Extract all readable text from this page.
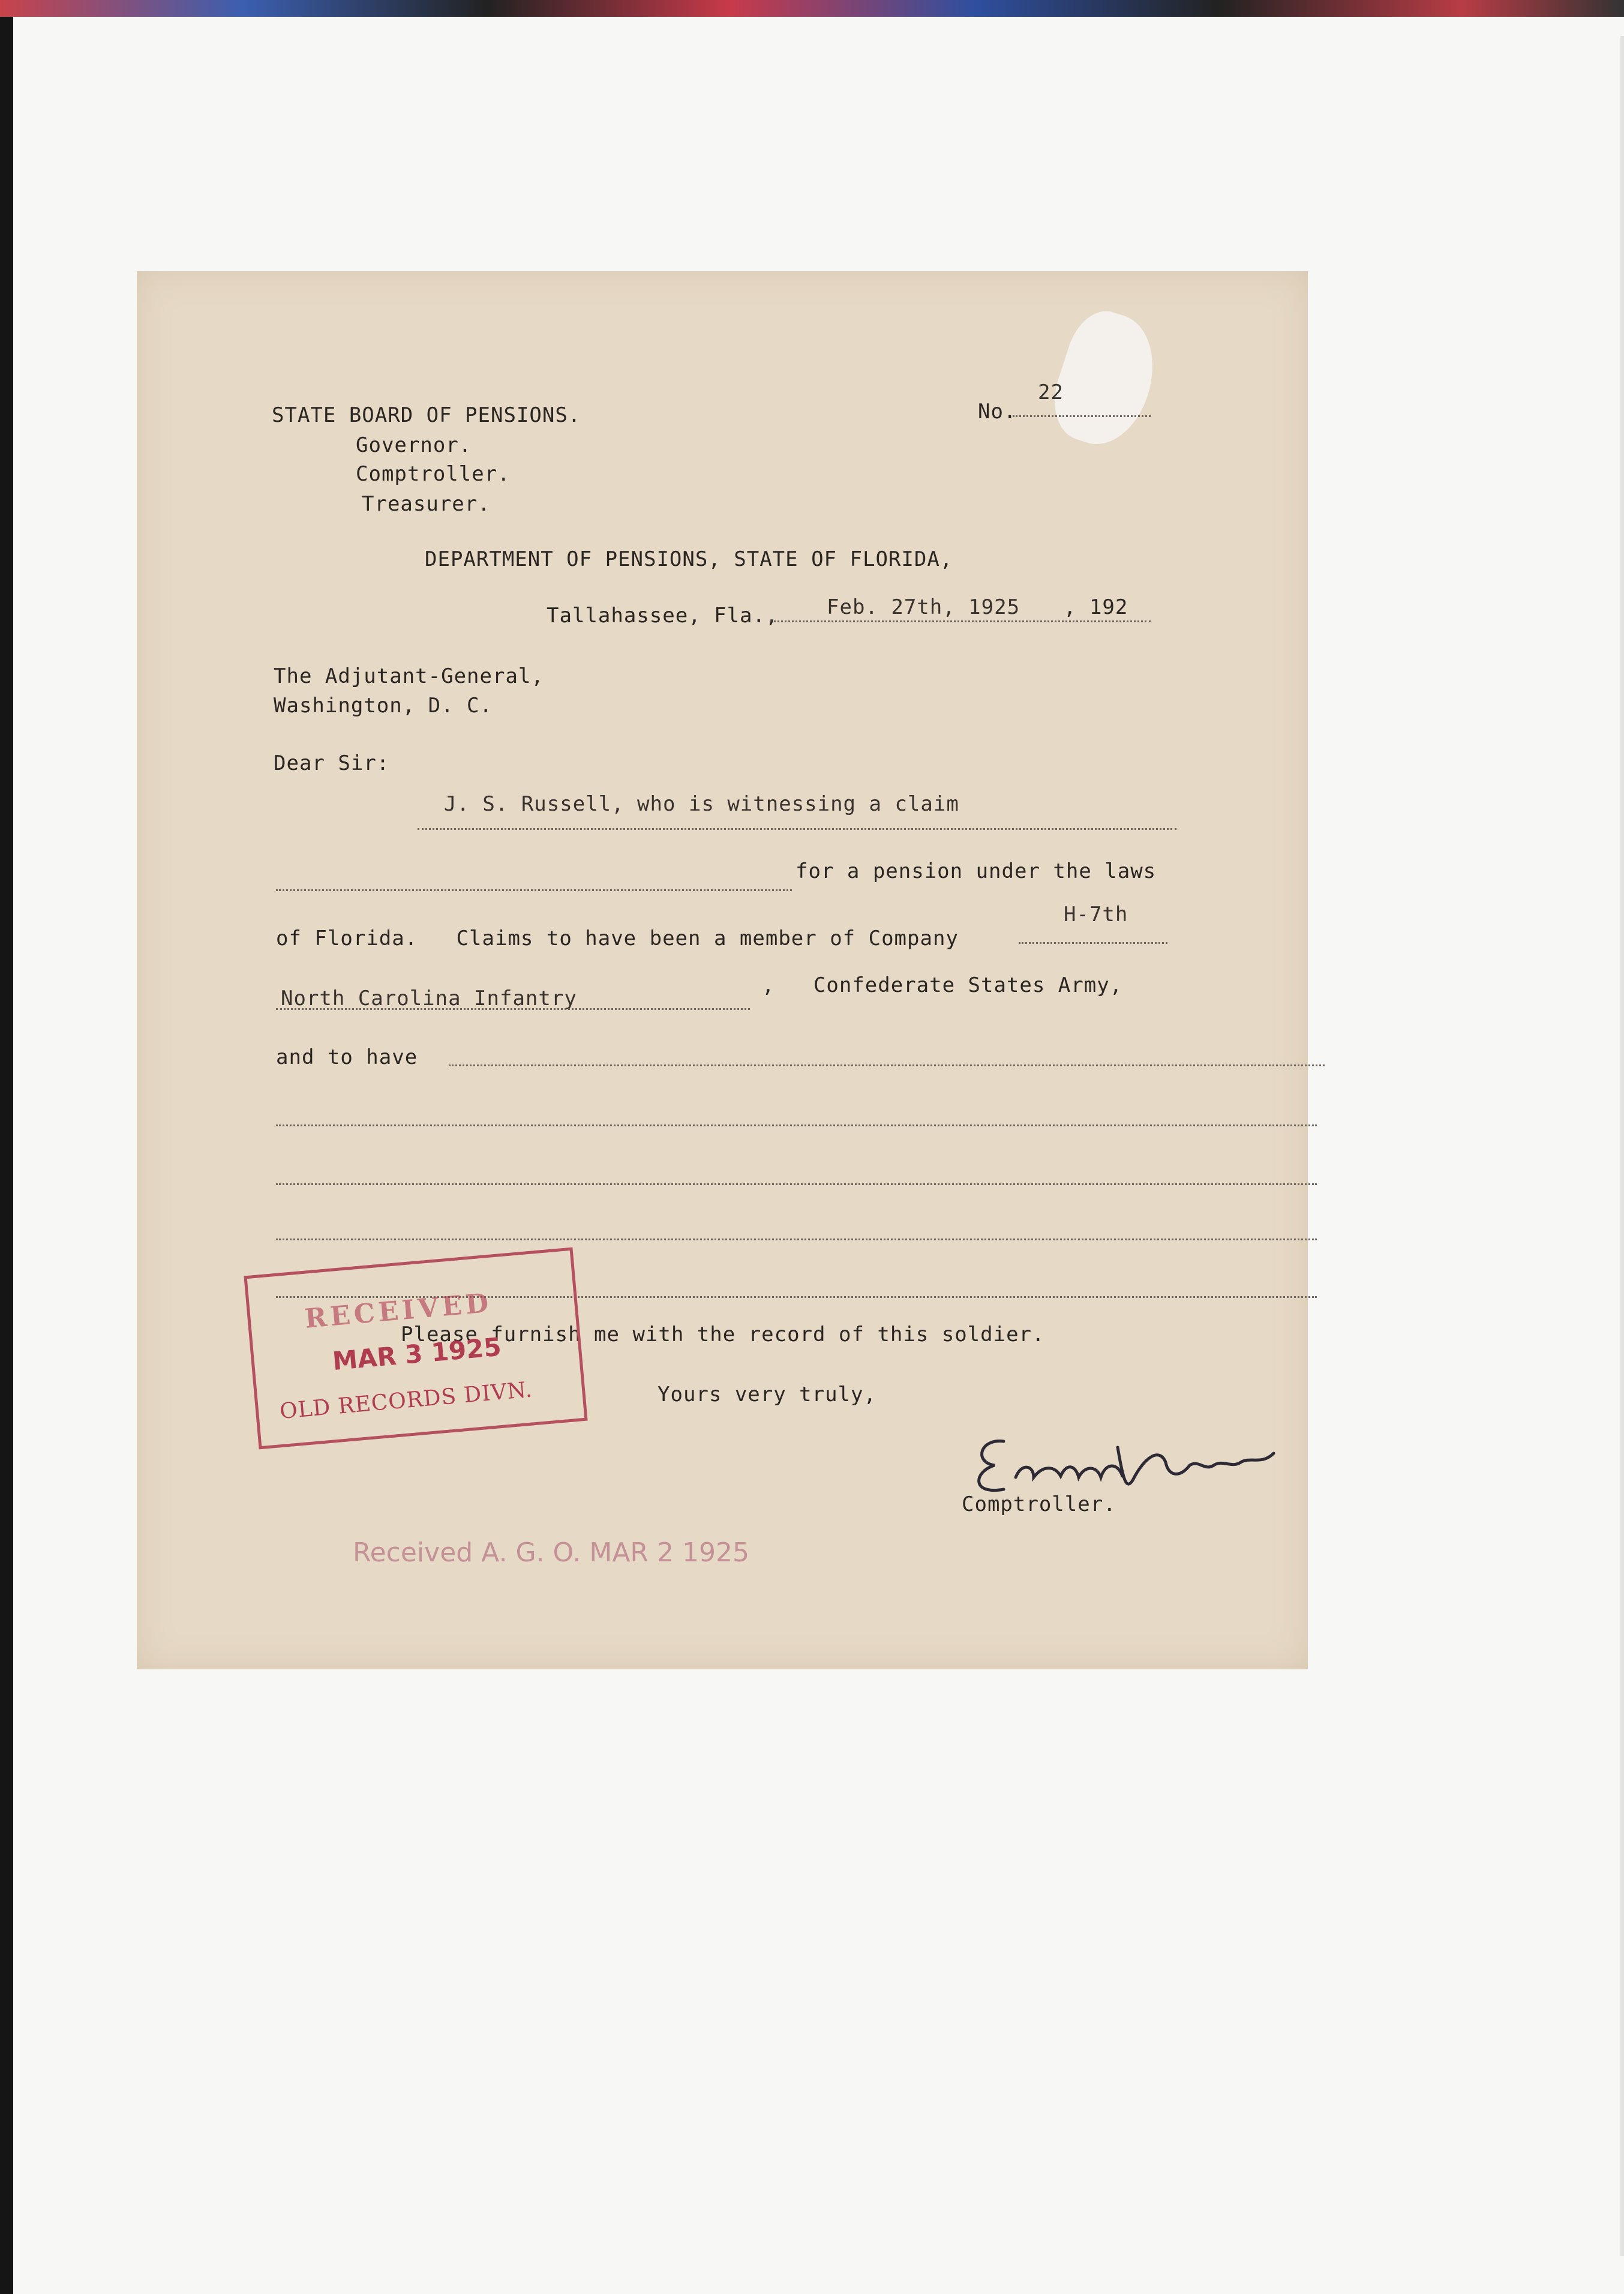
STATE BOARD OF PENSIONS.
Governor.
Comptroller.
Treasurer.
No.
22
DEPARTMENT OF PENSIONS, STATE OF FLORIDA,
Tallahassee, Fla., Feb. 27th, 1925 , 192
The Adjutant-General,
Washington, D. C.
Dear Sir:
J. S. Russell, who is witnessing a claim
for a pension under the laws
of Florida.   Claims to have been a member of Company
H-7th
North Carolina Infantry
,   Confederate States Army,
and to have
Please furnish me with the record of this soldier.
Yours very truly,
Comptroller.
RECEIVED
MAR 3 1925
OLD RECORDS DIVN.
Received A. G. O. MAR 2 1925
